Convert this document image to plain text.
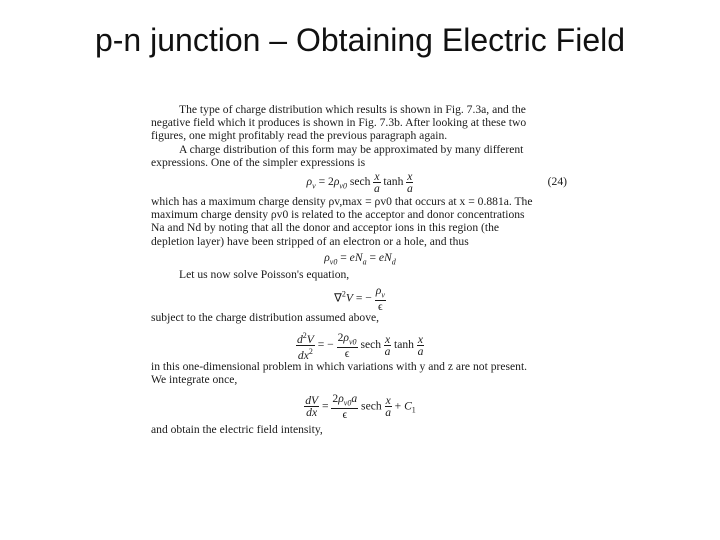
p-n junction – Obtaining Electric Field

The type of charge distribution which results is shown in Fig. 7.3a, and the

negative field which it produces is shown in Fig. 7.3b. After looking at these two

figures, one might profitably read the previous paragraph again.

A charge distribution of this form may be approximated by many different

expressions. One of the simpler expressions is

$\rho_v = 2\rho_{v0}$ sech $\frac{x}{a}$ $\tanh \frac{x}{a}$	(24)

which has a maximum charge density ρv,max = ρv0 that occurs at x = 0.881a. The

maximum charge density ρv0 is related to the acceptor and donor concentrations

Na and Nd by noting that all the donor and acceptor ions in this region (the

depletion layer) have been stripped of an electron or a hole, and thus

$\rho_{v0} = eN_a = eN_d$

Let us now solve Poisson's equation,

∇$^2$V = − $\frac{\rho_v}{\epsilon}$

subject to the charge distribution assumed above,

$\frac{d^2V}{dx^2}$ = − $\frac{2\rho_{v0}}{\epsilon}$ sech $\frac{x}{a}$ $\tanh \frac{x}{a}$

in this one-dimensional problem in which variations with y and z are not present.

We integrate once,

$\frac{dV}{dx} = \frac{2\rho_{v0}a}{\epsilon}$ sech $\frac{x}{a} + C_1$

and obtain the electric field intensity,
